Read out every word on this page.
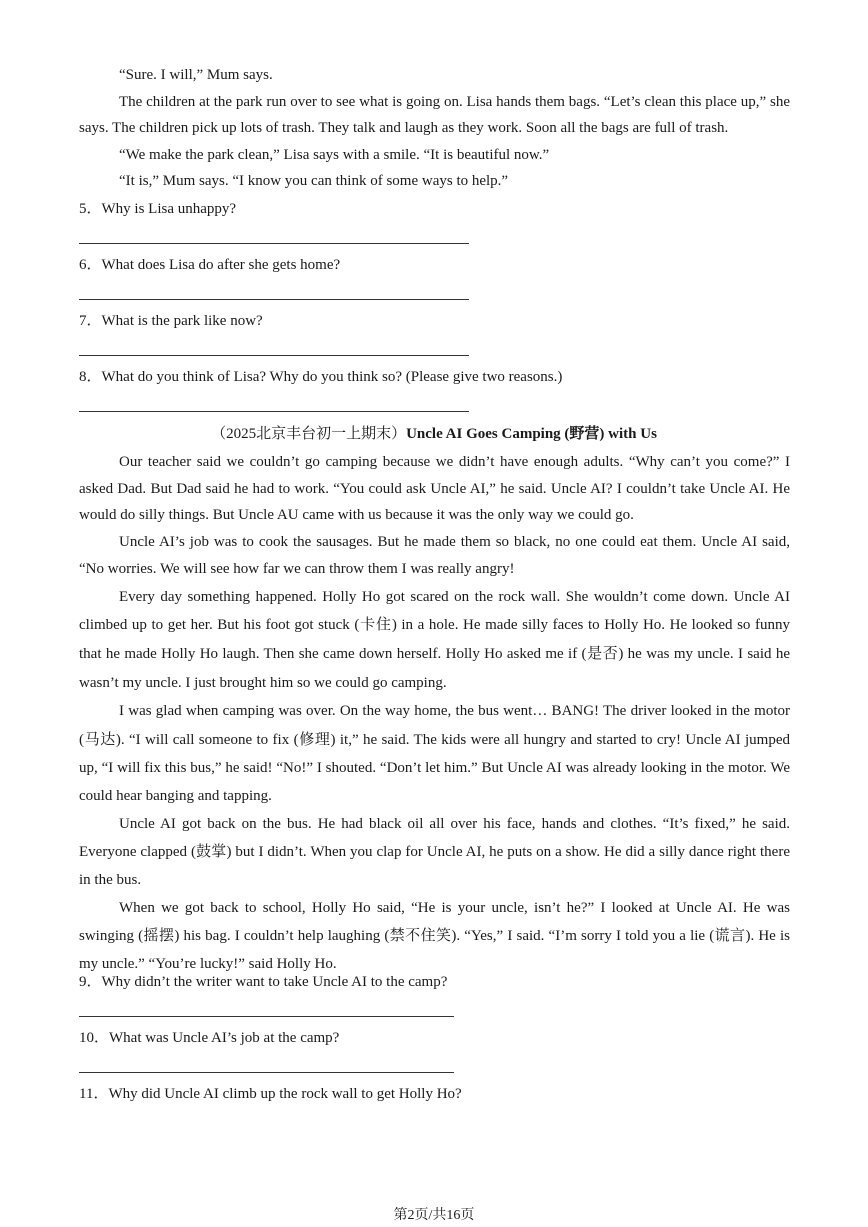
“Sure. I will,” Mum says.

The children at the park run over to see what is going on. Lisa hands them bags. “Let’s clean this place up,” she says. The children pick up lots of trash. They talk and laugh as they work. Soon all the bags are full of trash.

“We make the park clean,” Lisa says with a smile. “It is beautiful now.”

“It is,” Mum says. “I know you can think of some ways to help.”

5．Why is Lisa unhappy?

6．What does Lisa do after she gets home?

7．What is the park like now?

8．What do you think of Lisa? Why do you think so? (Please give two reasons.)

（2025北京丰台初一上期末）Uncle AI Goes Camping (野营) with Us

Our teacher said we couldn’t go camping because we didn’t have enough adults. “Why can’t you come?” I asked Dad. But Dad said he had to work. “You could ask Uncle AI,” he said. Uncle AI? I couldn’t take Uncle AI. He would do silly things. But Uncle AU came with us because it was the only way we could go.

Uncle AI’s job was to cook the sausages. But he made them so black, no one could eat them. Uncle AI said, “No worries. We will see how far we can throw them I was really angry!

Every day something happened. Holly Ho got scared on the rock wall. She wouldn’t come down. Uncle AI climbed up to get her. But his foot got stuck (卡住) in a hole. He made silly faces to Holly Ho. He looked so funny that he made Holly Ho laugh. Then she came down herself. Holly Ho asked me if (是否) he was my uncle. I said he wasn’t my uncle. I just brought him so we could go camping.

I was glad when camping was over. On the way home, the bus went… BANG! The driver looked in the motor (马达). “I will call someone to fix (修理) it,” he said. The kids were all hungry and started to cry! Uncle AI jumped up, “I will fix this bus,” he said! “No!” I shouted. “Don’t let him.” But Uncle AI was already looking in the motor. We could hear banging and tapping.

Uncle AI got back on the bus. He had black oil all over his face, hands and clothes. “It’s fixed,” he said. Everyone clapped (鼓掌) but I didn’t. When you clap for Uncle AI, he puts on a show. He did a silly dance right there in the bus.

When we got back to school, Holly Ho said, “He is your uncle, isn’t he?” I looked at Uncle AI. He was swinging (摇摆) his bag. I couldn’t help laughing (禁不住笑). “Yes,” I said. “I’m sorry I told you a lie (谎言). He is my uncle.” “You’re lucky!” said Holly Ho.

9．Why didn’t the writer want to take Uncle AI to the camp?

10．What was Uncle AI’s job at the camp?

11．Why did Uncle AI climb up the rock wall to get Holly Ho?

第2页/共16页
